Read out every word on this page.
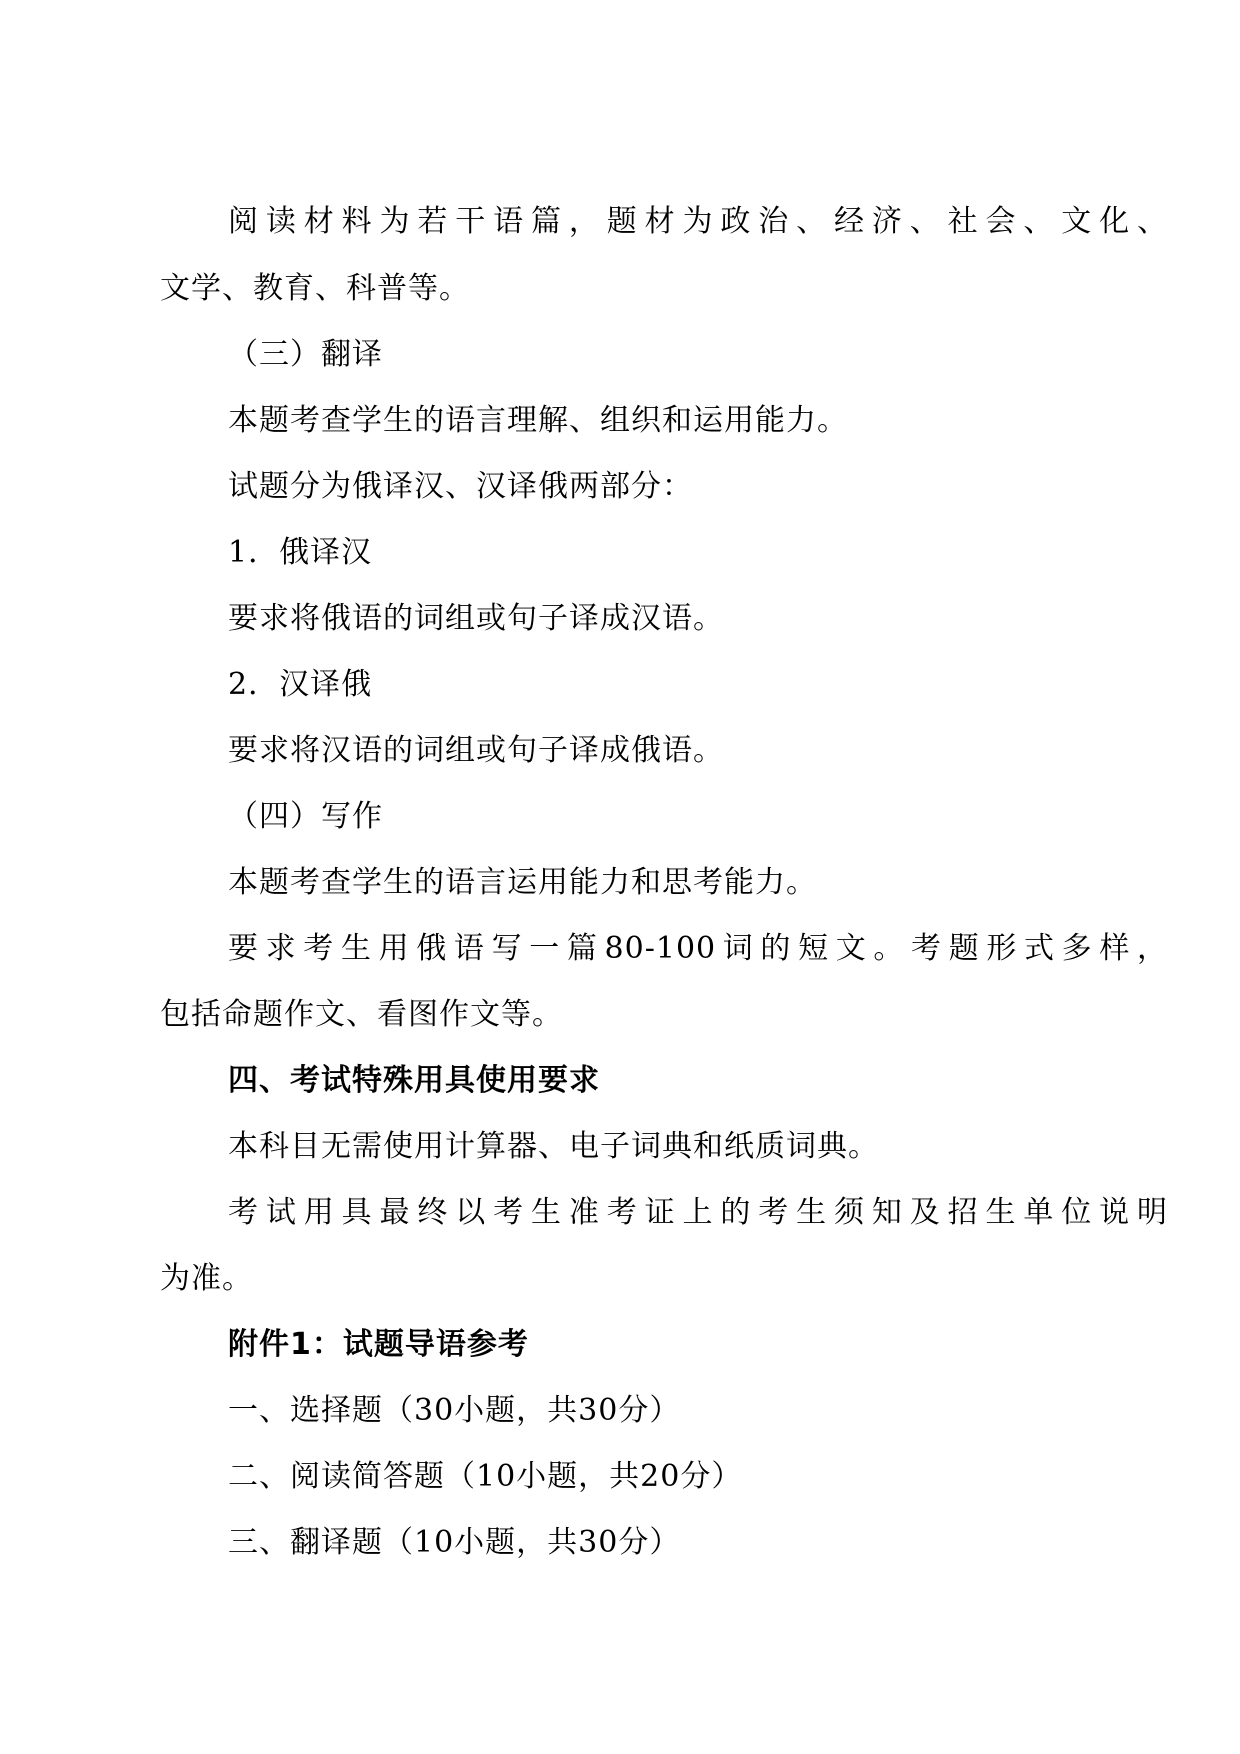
阅读材料为若干语篇，题材为政治、经济、社会、文化、
文学、教育、科普等。
（三）翻译
本题考查学生的语言理解、组织和运用能力。
试题分为俄译汉、汉译俄两部分：
1．俄译汉
要求将俄语的词组或句子译成汉语。
2．汉译俄
要求将汉语的词组或句子译成俄语。
（四）写作
本题考查学生的语言运用能力和思考能力。
要求考生用俄语写一篇80-100词的短文。考题形式多样，
包括命题作文、看图作文等。
四、考试特殊用具使用要求
本科目无需使用计算器、电子词典和纸质词典。
考试用具最终以考生准考证上的考生须知及招生单位说明
为准。
附件1：试题导语参考
一、选择题（30小题，共30分）
二、阅读简答题（10小题，共20分）
三、翻译题（10小题，共30分）
